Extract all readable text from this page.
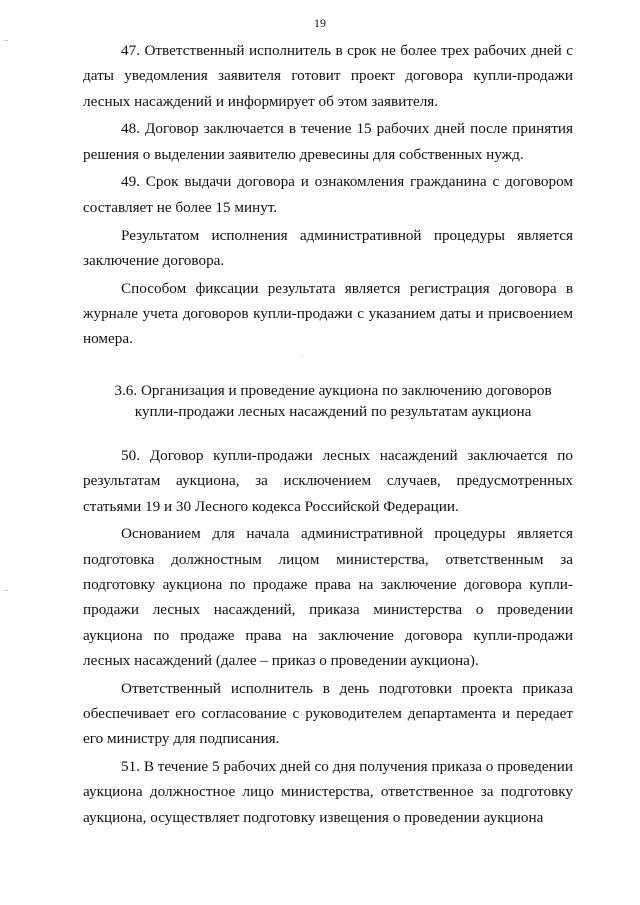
19

47. Ответственный исполнитель в срок не более трех рабочих дней с даты уведомления заявителя готовит проект договора купли-продажи лесных насаждений и информирует об этом заявителя.

48. Договор заключается в течение 15 рабочих дней после принятия решения о выделении заявителю древесины для собственных нужд.

49. Срок выдачи договора и ознакомления гражданина с договором составляет не более 15 минут.

Результатом исполнения административной процедуры является заключение договора.

Способом фиксации результата является регистрация договора в журнале учета договоров купли-продажи с указанием даты и присвоением номера.

3.6. Организация и проведение аукциона по заключению договоров
купли-продажи лесных насаждений по результатам аукциона

50. Договор купли-продажи лесных насаждений заключается по результатам аукциона, за исключением случаев, предусмотренных статьями 19 и 30 Лесного кодекса Российской Федерации.

Основанием для начала административной процедуры является подготовка должностным лицом министерства, ответственным за подготовку аукциона по продаже права на заключение договора купли-продажи лесных насаждений, приказа министерства о проведении аукциона по продаже права на заключение договора купли-продажи лесных насаждений (далее – приказ о проведении аукциона).

Ответственный исполнитель в день подготовки проекта приказа обеспечивает его согласование с руководителем департамента и передает его министру для подписания.

51. В течение 5 рабочих дней со дня получения приказа о проведении аукциона должностное лицо министерства, ответственное за подготовку аукциона, осуществляет подготовку извещения о проведении аукциона
